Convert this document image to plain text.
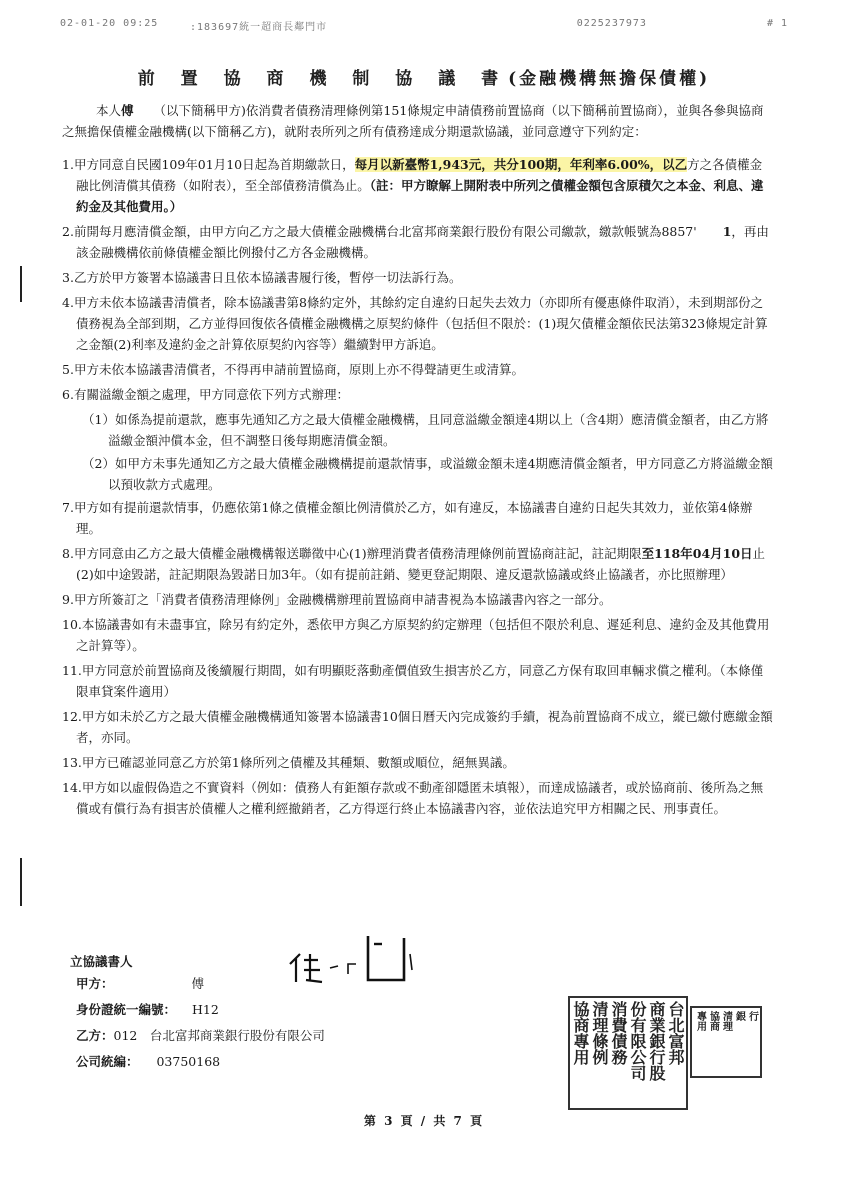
02-01-20 09:25	:183697統一超商長鄰門市	0225237973	# 1
前 置 協 商 機 制 協 議 書(金融機構無擔保債權)

本人傅 （以下簡稱甲方)依消費者債務清理條例第151條規定申請債務前置協商（以下簡稱前置協商），並與各參與協商之無擔保債權金融機構(以下簡稱乙方)，就附表所列之所有債務達成分期還款協議，並同意遵守下列約定：

1.甲方同意自民國109年01月10日起為首期繳款日，每月以新臺幣1,943元，共分100期，年利率6.00%，以乙方之各債權金融比例清償其債務（如附表），至全部債務清償為止。（註：甲方瞭解上開附表中所列之債權金額包含原積欠之本金、利息、違約金及其他費用。）

2.前開每月應清償金額，由甲方向乙方之最大債權金融機構台北富邦商業銀行股份有限公司繳款，繳款帳號為8857' 1，再由該金融機構依前條債權金額比例撥付乙方各金融機構。

3.乙方於甲方簽署本協議書日且依本協議書履行後，暫停一切法訴行為。

4.甲方未依本協議書清償者，除本協議書第8條約定外，其餘約定自違約日起失去效力（亦即所有優惠條件取消），未到期部份之債務視為全部到期，乙方並得回復依各債權金融機構之原契約條件（包括但不限於：(1)現欠債權金額依民法第323條規定計算之金額(2)利率及違約金之計算依原契約內容等）繼續對甲方訴追。

5.甲方未依本協議書清償者，不得再申請前置協商，原則上亦不得聲請更生或清算。

6.有關溢繳金額之處理，甲方同意依下列方式辦理：

（1）如係為提前還款，應事先通知乙方之最大債權金融機構，且同意溢繳金額達4期以上（含4期）應清償金額者，由乙方將溢繳金額沖償本金，但不調整日後每期應清償金額。

（2）如甲方未事先通知乙方之最大債權金融機構提前還款情事，或溢繳金額未達4期應清償金額者，甲方同意乙方將溢繳金額以預收款方式處理。

7.甲方如有提前還款情事，仍應依第1條之債權金額比例清償於乙方，如有違反，本協議書自違約日起失其效力，並依第4條辦理。

8.甲方同意由乙方之最大債權金融機構報送聯徵中心(1)辦理消費者債務清理條例前置協商註記，註記期限至118年04月10日止(2)如中途毀諾，註記期限為毀諾日加3年。（如有提前註銷、變更登記期限、違反還款協議或終止協議者，亦比照辦理）

9.甲方所簽訂之「消費者債務清理條例」金融機構辦理前置協商申請書視為本協議書內容之一部分。

10.本協議書如有未盡事宜，除另有約定外，悉依甲方與乙方原契約約定辦理（包括但不限於利息、遲延利息、違約金及其他費用之計算等）。

11.甲方同意於前置協商及後續履行期間，如有明顯貶落動產價值致生損害於乙方，同意乙方保有取回車輛求償之權利。（本條僅限車貸案件適用）

12.甲方如未於乙方之最大債權金融機構通知簽署本協議書10個日曆天內完成簽約手續，視為前置協商不成立，縱已繳付應繳金額者，亦同。

13.甲方已確認並同意乙方於第1條所列之債權及其種類、數額或順位，絕無異議。

14.甲方如以虛假偽造之不實資料（例如：債務人有鉅額存款或不動產卻隱匿未填報），而達成協議者，或於協商前、後所為之無償或有償行為有損害於債權人之權利經撤銷者，乙方得逕行終止本協議書內容，並依法追究甲方相關之民、刑事責任。

立協議書人
甲方：	傅
身份證統一編號： H12
乙方：012　台北富邦商業銀行股份有限公司
公司統編： 03750168	台北富邦
商業銀行股
份有限公司
消費債務
清理條例
協商專用	行
銀
清理
協商
專用
第 3 頁 / 共 7 頁
